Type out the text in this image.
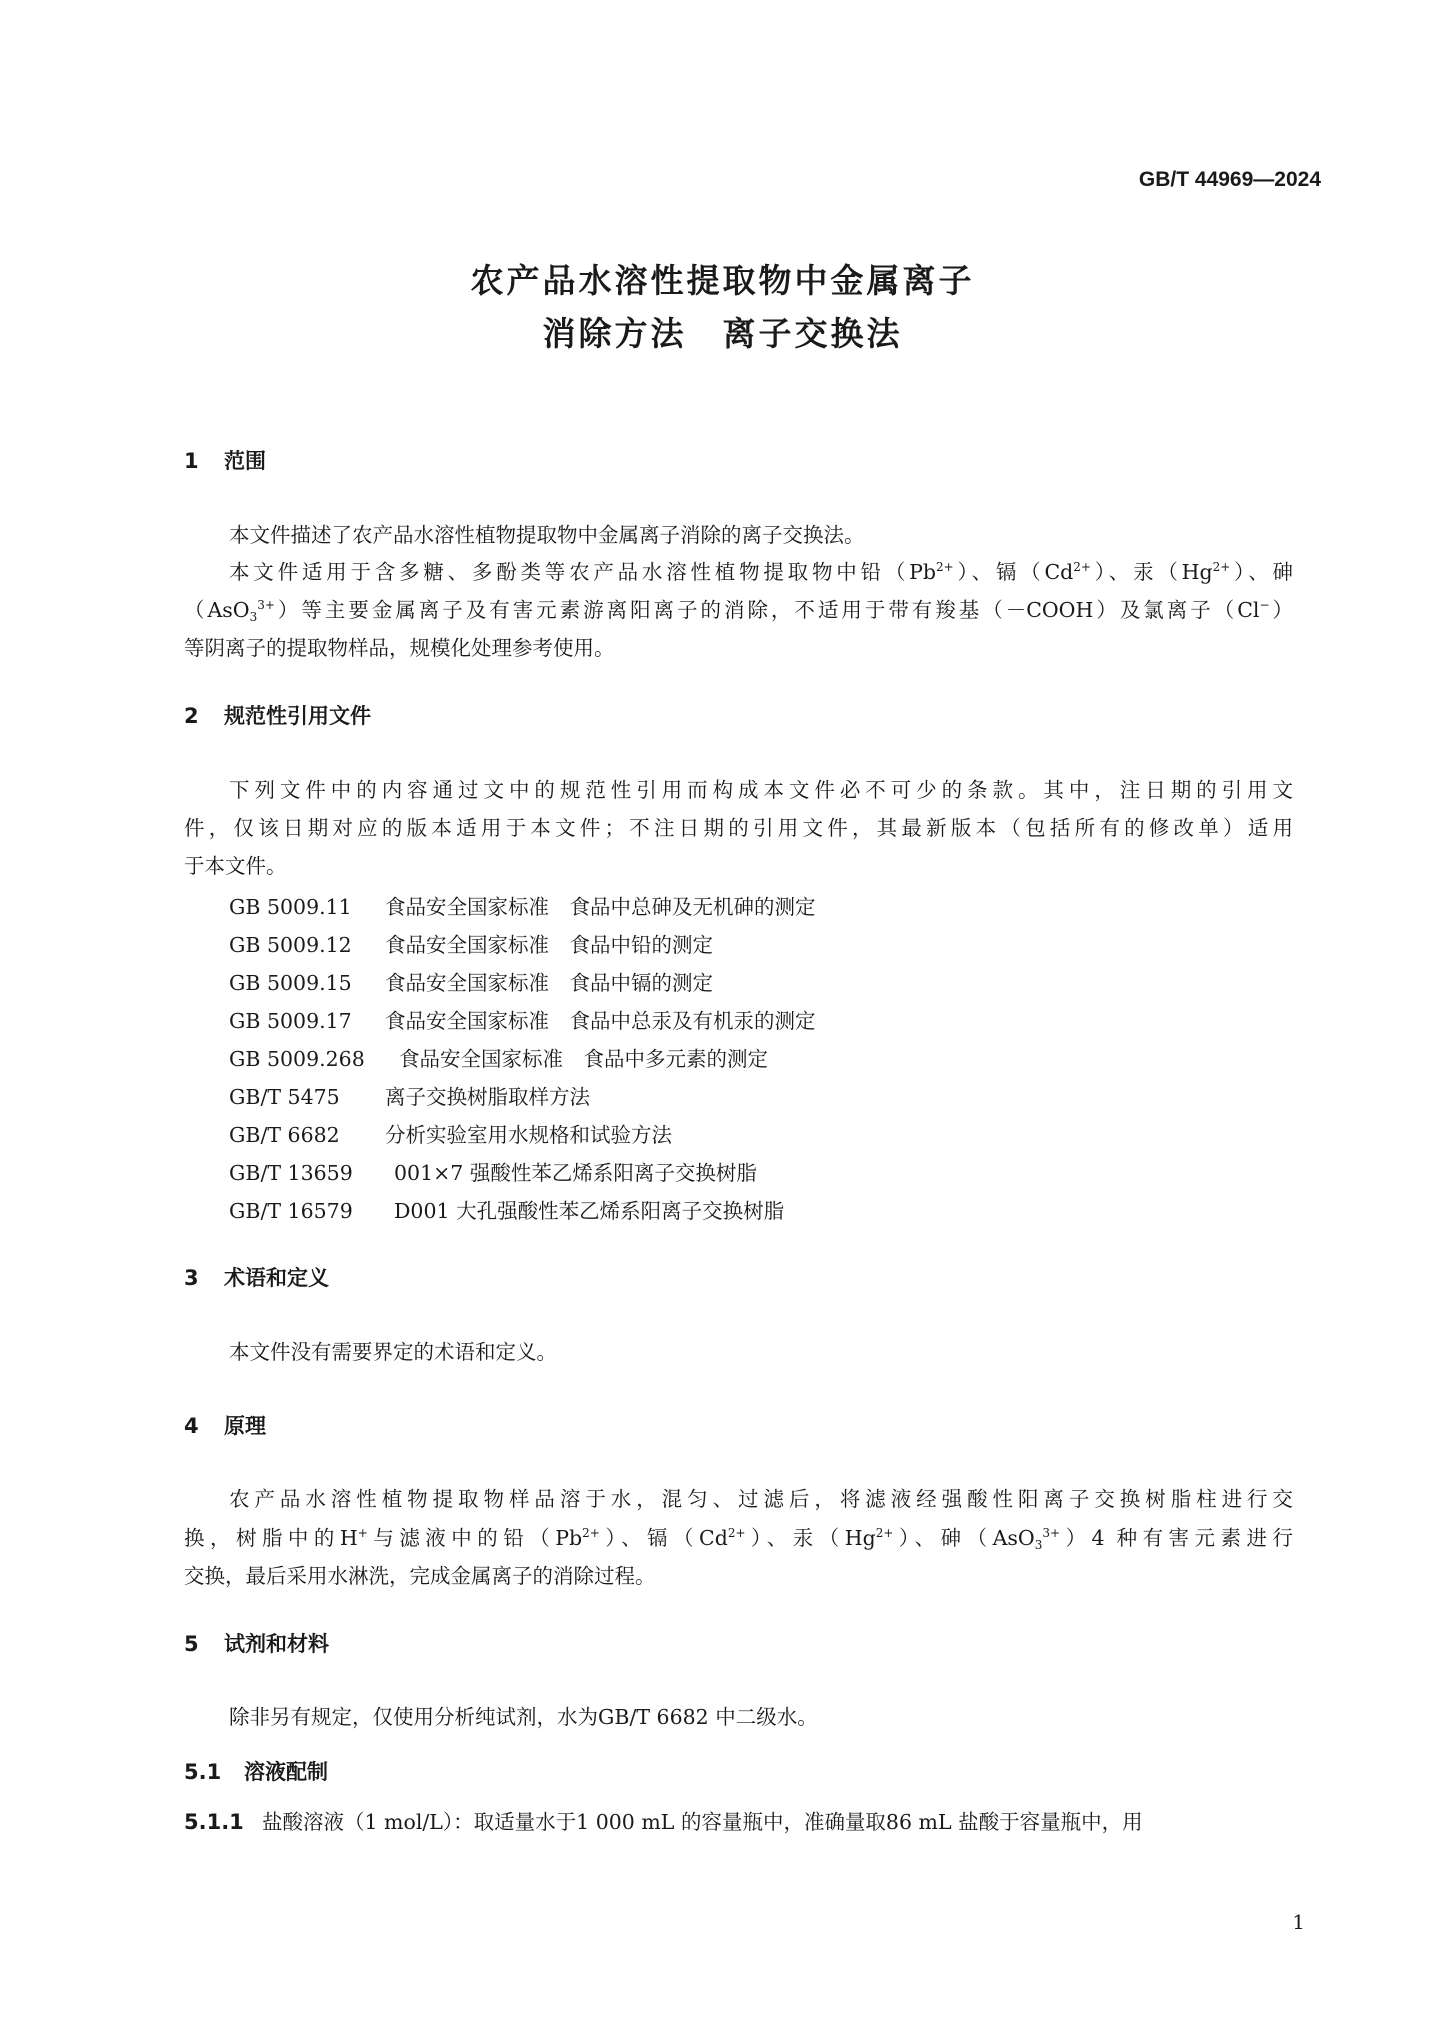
GB/T 44969—2024
农产品水溶性提取物中金属离子
消除方法　离子交换法
1 范围
本文件描述了农产品水溶性植物提取物中金属离子消除的离子交换法。
本文件适用于含多糖、多酚类等农产品水溶性植物提取物中铅$(Pb^{2+})$、镉$(Cd^{2+})$、汞$(Hg^{2+})$、砷
（AsO$_3^{3+}$）等主要金属离子及有害元素游离阳离子的消除，不适用于带有羧基（－COOH）及氯离子（Cl−）
等阴离子的提取物样品，规模化处理参考使用。
2 规范性引用文件
下列文件中的内容通过文中的规范性引用而构成本文件必不可少的条款。其中，注日期的引用文
件，仅该日期对应的版本适用于本文件；不注日期的引用文件，其最新版本（包括所有的修改单）适用
于本文件。
GB 5009.11 食品安全国家标准　食品中总砷及无机砷的测定
GB 5009.12 食品安全国家标准　食品中铅的测定
GB 5009.15 食品安全国家标准　食品中镉的测定
GB 5009.17 食品安全国家标准　食品中总汞及有机汞的测定
GB 5009.268 食品安全国家标准　食品中多元素的测定
GB/T 5475 离子交换树脂取样方法
GB/T 6682 分析实验室用水规格和试验方法
GB/T 13659 001×7 强酸性苯乙烯系阳离子交换树脂
GB/T 16579 D001 大孔强酸性苯乙烯系阳离子交换树脂
3 术语和定义
本文件没有需要界定的术语和定义。
4 原理
农产品水溶性植物提取物样品溶于水，混匀、过滤后，将滤液经强酸性阳离子交换树脂柱进行交
换，树脂中的H+与滤液中的铅$(Pb^{2+})$、镉$(Cd^{2+})$、汞$(Hg^{2+})$、砷（AsO$_3^{3+}$）4 种有害元素进行
交换，最后采用水淋洗，完成金属离子的消除过程。
5 试剂和材料
除非另有规定，仅使用分析纯试剂，水为GB/T 6682 中二级水。
5.1 溶液配制
5.1.1 盐酸溶液（1 mol/L）：取适量水于1 000 mL 的容量瓶中，准确量取86 mL 盐酸于容量瓶中，用
1
